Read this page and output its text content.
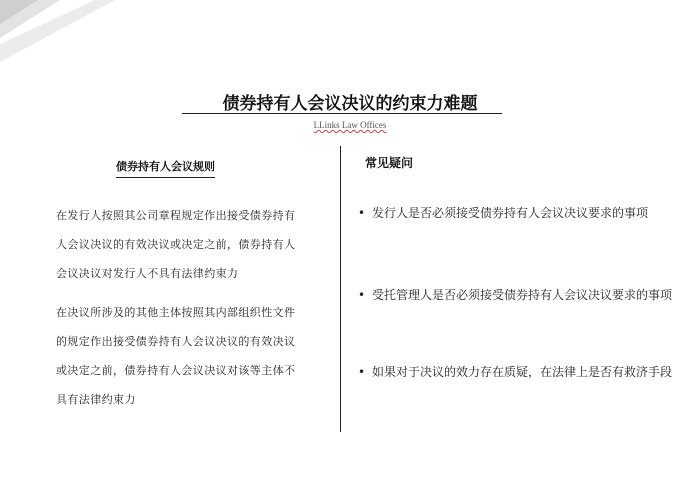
债券持有人会议决议的约束力难题
LLinks Law Offices
债券持有人会议规则
在发行人按照其公司章程规定作出接受债券持有人会议决议的有效决议或决定之前，债券持有人会议决议对发行人不具有法律约束力
在决议所涉及的其他主体按照其内部组织性文件的规定作出接受债券持有人会议决议的有效决议或决定之前，债券持有人会议决议对该等主体不具有法律约束力
常见疑问
• 发行人是否必须接受债券持有人会议决议要求的事项
• 受托管理人是否必须接受债券持有人会议决议要求的事项
• 如果对于决议的效力存在质疑，在法律上是否有救济手段
